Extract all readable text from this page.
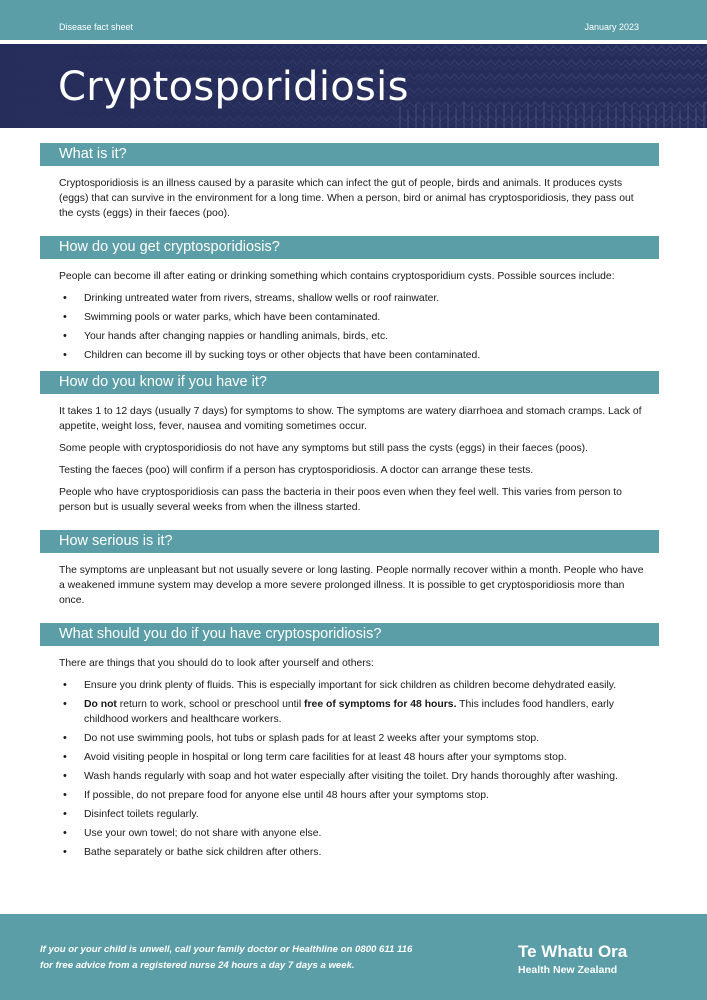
Disease fact sheet	January 2023
Cryptosporidiosis
What is it?

Cryptosporidiosis is an illness caused by a parasite which can infect the gut of people, birds and animals. It produces cysts (eggs) that can survive in the environment for a long time. When a person, bird or animal has cryptosporidiosis, they pass out the cysts (eggs) in their faeces (poo).

How do you get cryptosporidiosis?

People can become ill after eating or drinking something which contains cryptosporidium cysts. Possible sources include:

• Drinking untreated water from rivers, streams, shallow wells or roof rainwater.
• Swimming pools or water parks, which have been contaminated.
• Your hands after changing nappies or handling animals, birds, etc.
• Children can become ill by sucking toys or other objects that have been contaminated.
How do you know if you have it?

It takes 1 to 12 days (usually 7 days) for symptoms to show. The symptoms are watery diarrhoea and stomach cramps. Lack of appetite, weight loss, fever, nausea and vomiting sometimes occur.

Some people with cryptosporidiosis do not have any symptoms but still pass the cysts (eggs) in their faeces (poos).

Testing the faeces (poo) will confirm if a person has cryptosporidiosis. A doctor can arrange these tests.

People who have cryptosporidiosis can pass the bacteria in their poos even when they feel well. This varies from person to person but is usually several weeks from when the illness started.

How serious is it?

The symptoms are unpleasant but not usually severe or long lasting. People normally recover within a month. People who have a weakened immune system may develop a more severe prolonged illness. It is possible to get cryptosporidiosis more than once.

What should you do if you have cryptosporidiosis?

There are things that you should do to look after yourself and others:

• Ensure you drink plenty of fluids. This is especially important for sick children as children become dehydrated easily.
• Do not return to work, school or preschool until free of symptoms for 48 hours. This includes food handlers, early childhood workers and healthcare workers.
• Do not use swimming pools, hot tubs or splash pads for at least 2 weeks after your symptoms stop.
• Avoid visiting people in hospital or long term care facilities for at least 48 hours after your symptoms stop.
• Wash hands regularly with soap and hot water especially after visiting the toilet. Dry hands thoroughly after washing.
• If possible, do not prepare food for anyone else until 48 hours after your symptoms stop.
• Disinfect toilets regularly.
• Use your own towel; do not share with anyone else.
• Bathe separately or bathe sick children after others.
If you or your child is unwell, call your family doctor or Healthline on 0800 611 116
for free advice from a registered nurse 24 hours a day 7 days a week.
Te Whatu Ora
Health New Zealand
